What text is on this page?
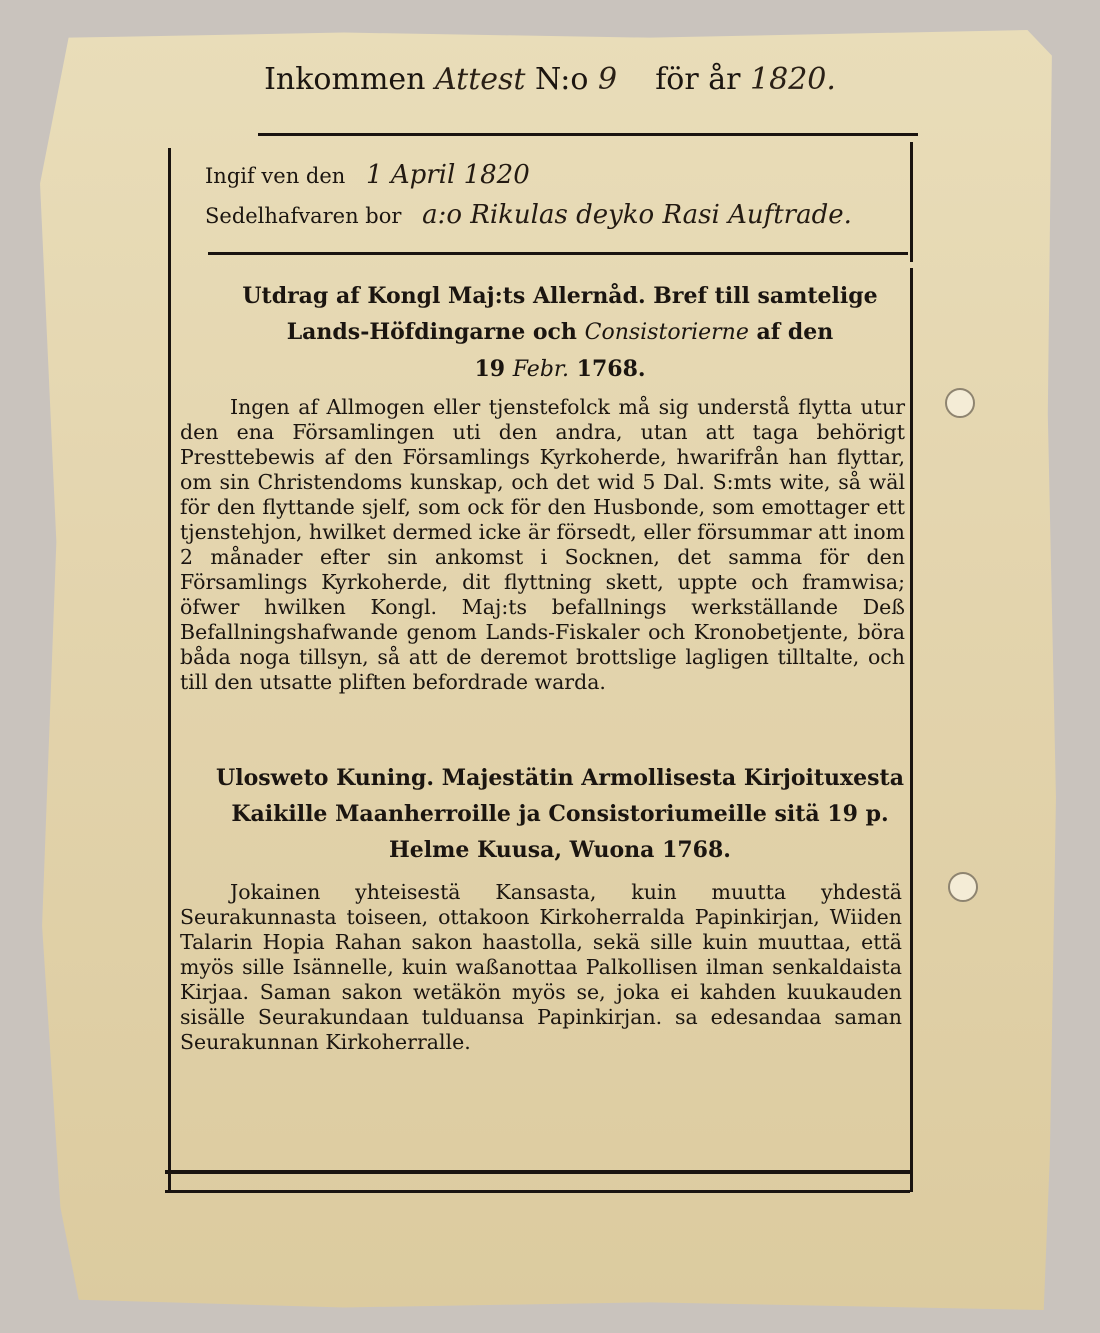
Inkommen Attest N:o 9 för år 1820.
Ingif ven den 1 April 1820
Sedelhafvaren bor a:o Rikulas deyko Rasi Auftrade.
Utdrag af Kongl Maj:ts Allernåd. Bref till samtelige
Lands-Höfdingarne och Consistorierne af den
19 Febr. 1768.
Ingen af Allmogen eller tjenstefolck må sig understå flytta utur den ena Församlingen uti den andra, utan att taga behörigt Presttebewis af den Församlings Kyrkoherde, hwarifrån han flyttar, om sin Christendoms kunskap, och det wid 5 Dal. S:mts wite, så wäl för den flyttande sjelf, som ock för den Husbonde, som emottager ett tjenstehjon, hwilket dermed icke är försedt, eller försummar att inom 2 månader efter sin ankomst i Socknen, det samma för den Församlings Kyrkoherde, dit flyttning skett, uppte och framwisa; öfwer hwilken Kongl. Maj:ts befallnings werkställande Deß Befallningshafwande genom Lands-Fiskaler och Kronobetjente, böra båda noga tillsyn, så att de deremot brottslige lagligen tilltalte, och till den utsatte pliften befordrade warda.
Ulosweto Kuning. Majestätin Armollisesta Kirjoituxesta
Kaikille Maanherroille ja Consistoriumeille sitä 19 p.
Helme Kuusa, Wuona 1768.
Jokainen yhteisestä Kansasta, kuin muutta yhdestä Seurakunnasta toiseen, ottakoon Kirkoherralda Papinkirjan, Wiiden Talarin Hopia Rahan sakon haastolla, sekä sille kuin muuttaa, että myös sille Isännelle, kuin waßanottaa Palkollisen ilman senkaldaista Kirjaa. Saman sakon wetäkön myös se, joka ei kahden kuukauden sisälle Seurakundaan tulduansa Papinkirjan. sa edesandaa saman Seurakunnan Kirkoherralle.
